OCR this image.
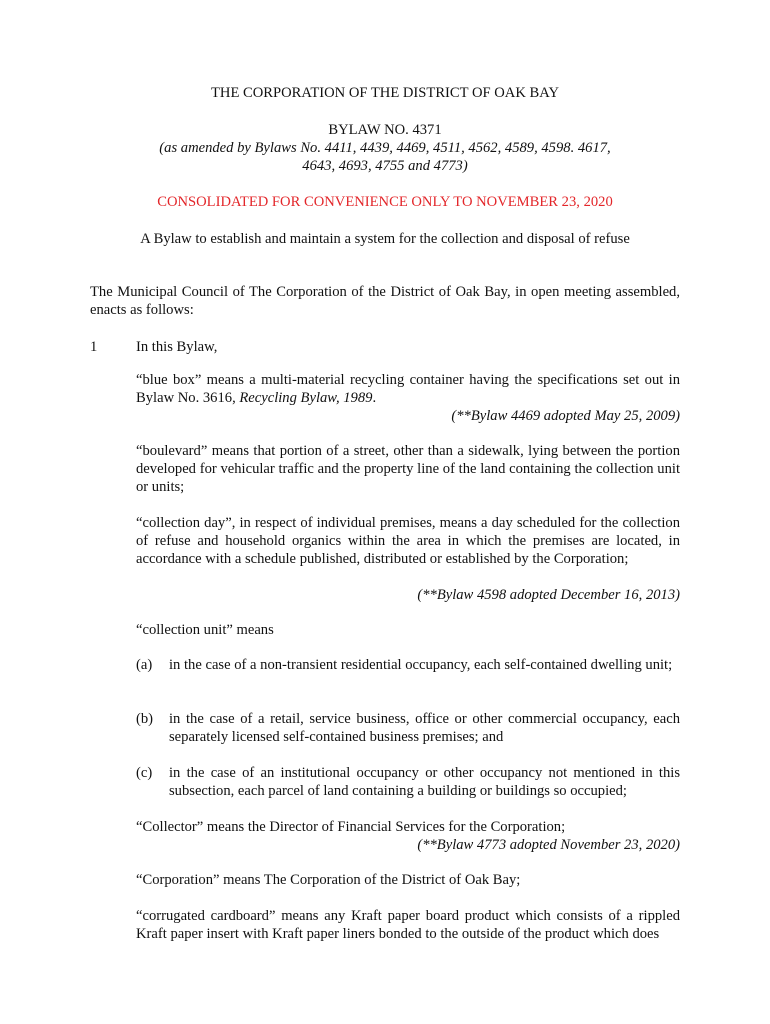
THE CORPORATION OF THE DISTRICT OF OAK BAY
BYLAW NO. 4371
(as amended by Bylaws No. 4411, 4439, 4469, 4511, 4562, 4589, 4598. 4617,
4643, 4693, 4755 and 4773)
CONSOLIDATED FOR CONVENIENCE ONLY TO NOVEMBER 23, 2020
A Bylaw to establish and maintain a system for the collection and disposal of refuse
The Municipal Council of The Corporation of the District of Oak Bay, in open meeting assembled, enacts as follows:
1	In this Bylaw,
“blue box” means a multi-material recycling container having the specifications set out in Bylaw No. 3616, Recycling Bylaw, 1989.
(**Bylaw 4469 adopted May 25, 2009)
“boulevard” means that portion of a street, other than a sidewalk, lying between the portion developed for vehicular traffic and the property line of the land containing the collection unit or units;
“collection day”, in respect of individual premises, means a day scheduled for the collection of refuse and household organics within the area in which the premises are located, in accordance with a schedule published, distributed or established by the Corporation;
(**Bylaw 4598 adopted December 16, 2013)
“collection unit” means
(a) in the case of a non-transient residential occupancy, each self-contained dwelling unit;
(b) in the case of a retail, service business, office or other commercial occupancy, each separately licensed self-contained business premises; and
(c) in the case of an institutional occupancy or other occupancy not mentioned in this subsection, each parcel of land containing a building or buildings so occupied;
“Collector” means the Director of Financial Services for the Corporation;
(**Bylaw 4773 adopted November 23, 2020)
“Corporation” means The Corporation of the District of Oak Bay;
“corrugated cardboard” means any Kraft paper board product which consists of a rippled Kraft paper insert with Kraft paper liners bonded to the outside of the product which does
